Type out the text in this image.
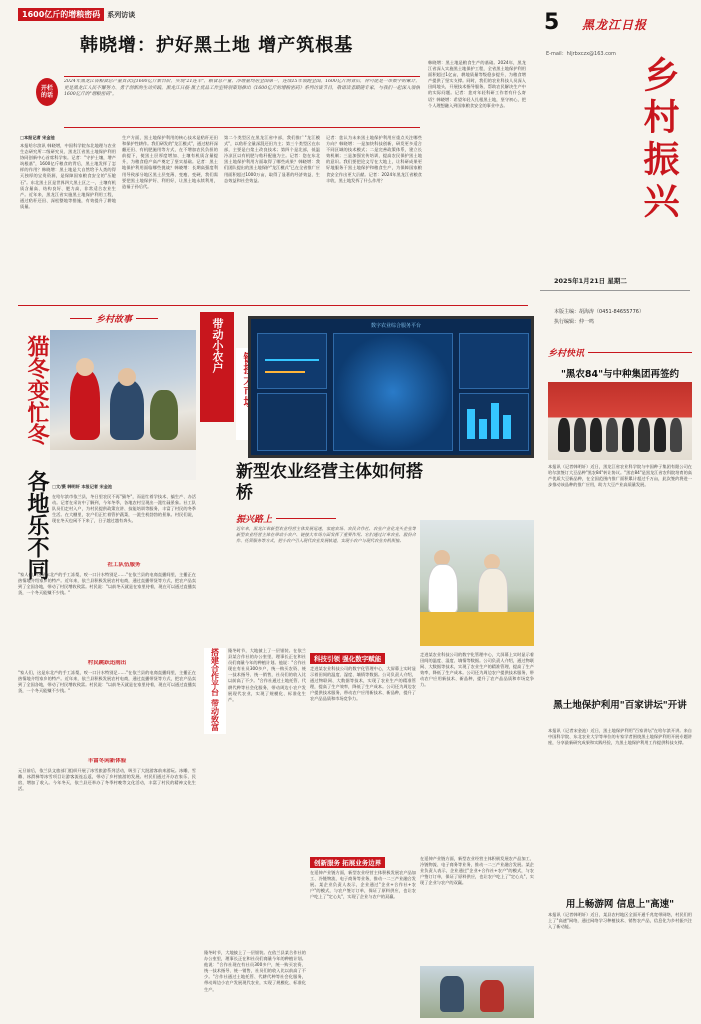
1600亿斤的增粮密码	系列访谈
韩晓增：护好黑土地 增产筑根基
开栏的话
2024年黑龙江省粮食总产量首次过1600亿斤新台阶，实现"21连丰"，粮食总产量、净增量均居全国第一，连续15年领跑全国。1600亿斤的背后，你可能是一串数字的累计，更是黑龙江人民不懈努力、勇于创新的生动实践。黑龙江日报·黑土优品工作室特别策划推出《1600亿斤的增粮密码》系列访谈节目，敬请读者跟随专家，与我们一起深入领悟1600亿斤的"增粮密码"。
□本报记者 宋金池
本报哈尔滨讯 韩晓增，中国科学院东北地理与农业生态研究所二级研究员、黑龙江省黑土地保护利用协同创新中心首席科学家。记者："守护土壤，增产筑根基"，1600亿斤粮食的背后，黑土地发挥了怎样的作用？韩晓增：黑土地是大自然给予人类的得天独厚的宝贵资源，是保障国家粮食安全的"压舱石"。东北黑土区是世界四大黑土区之一，土壤有机质含量高、结构良好、肥力高，非常适合农业生产。近年来，黑龙江省实施黑土地保护利用工程，通过秸秆还田、深松整地等措施，有效提升了耕地质量。
生产方面，黑土地保护利用的核心技术是秸秆还田和保护性耕作。我们研发的"龙江模式"，通过秸秆深翻还田、有机肥施用等方式，在不增加农民负担的前提下，使黑土层厚度增加、土壤有机质含量提升，为粮食稳产高产奠定了坚实基础。记者：黑土地保护利用面临哪些挑战？韩晓增：长期高强度利用导致部分地区黑土层变薄、变瘦、变硬，我们需要把黑土地保护好、利用好，让黑土地永续利用，造福子孙后代。
第二个类型区在黑龙江省中部，我们推广"龙江模式"，以秸秆全量深混还田为主；第三个类型区在东部，主要是白浆土改良技术；第四个是北部，低温冷凉区以有机肥与秸秆配施为主。记者：您在东北黑土地保护利用方面取得了哪些成果？韩晓增：我们团队提出的黑土地保护"龙江模式"已在全省推广应用面积超过1000万亩，取得了显著的经济效益、生态效益和社会效益。
记者：您认为未来黑土地保护利用应重点关注哪些方向？韩晓增：一是加快科技创新，研发更多适合不同区域的技术模式；二是完善政策体系，建立长效机制；三是加强宣传培训，提高农民保护黑土地的意识。我们要把论文写在大地上，让科研成果更好地服务于黑土地保护和粮食生产，为保障国家粮食安全作出更大贡献。记者：2024年黑龙江省粮食丰收，黑土地发挥了什么作用？
韩晓增：黑土地是粮食生产的基础。2024年，黑龙江省深入实施黑土地保护工程，全省黑土地保护利用面积超过1亿亩，耕地质量等级稳步提升，为粮食增产提供了坚实支撑。同时，我们的农业科技人员深入田间地头，开展技术指导服务，帮助农民解决生产中的实际问题。记者：您对年轻科研工作者有什么寄语？韩晓增：希望年轻人扎根黑土地，坚守初心，把个人理想融入到国家粮食安全的事业中去。
5 黑龙江日报
E-mail：hljrbxczx@163.com
乡村振兴
2025年1月21日 星期二
本版主编：胡海涛（0451-84655776）
执行编辑：仲一鸣
乡村故事
猫冬变忙冬
各地乐不同 □文/摄 韩明轩 本报记者 宋金池
在哈尔滨市依兰县，冬日里农民不再"猫冬"，而是忙着学技术、搞生产、办活动。记者在采访中了解到，今年冬季，各地农村呈现出一派忙碌景象。社工队队员们走村入户，为村民提供政策宣讲、技能培训等服务，丰富了村民的冬季生活。在大棚里，农户们正忙着管护蔬菜，一派生机勃勃的景象。村民们说，现在冬天也闲不下来了，日子越过越有奔头。
社工队伍服务
"家人们，这是东北产的手工冻梨，咬一口汁水特别足……"在依兰县的电商直播间里，主播正在热情地介绍家乡的特产。近年来，依兰县积极发展农村电商，通过直播带货等方式，把农产品卖到了全国各地，带动了村民增收致富。村民说："以前冬天就是在家里待着，现在可以通过直播卖货，一个冬天能赚不少钱。"
村民跳跃迅雨出
"家人们，这是东北产的手工冻梨，咬一口汁水特别足……"在依兰县的电商直播间里，主播正在热情地介绍家乡的特产。近年来，依兰县积极发展农村电商，通过直播带货等方式，把农产品卖到了全国各地，带动了村民增收致富。村民说："以前冬天就是在家里待着，现在可以通过直播卖货，一个冬天能赚不少钱。"
丰富冬闲新体验
元旦前后，依兰县文旅部门组织开展了冰雪旅游系列活动，吸引了大批游客前来游玩。冰雕、雪雕、冰滑梯等冰雪项目让游客流连忘返，带动了乡村旅游的发展。村民们通过开办农家乐、民宿，增加了收入。今年冬天，依兰县还举办了冬季村晚等文化活动，丰富了村民的精神文化生活。
带动小农户	数字农业综合服务平台
新型农业经营主体如何搭桥
振兴路上
近年来，黑龙江省新型农业经营主体发展迅速，家庭农场、农民合作社、农业产业化龙头企业等新型农业经营主体在带动小农户、链接大市场方面发挥了重要作用。它们通过订单农业、股份合作、托管服务等方式，把小农户引入现代农业发展轨道，实现小农户与现代农业有机衔接。
搭建合作平台 带动致富 隆冬时节，大地披上了一层银装。在依兰县某合作社的办公室里，理事长正在和社员们商量今年的种植计划。他说："合作社现在有社员300多户，统一购买农资、统一技术指导、统一销售，社员们的收入比以前高了不少。"合作社通过土地托管、代耕代种等社会化服务，带动周边小农户发展现代农业，实现了规模化、标准化生产。
科技引领 强化数字赋能
走进某农业科技公司的数字化管理中心，大屏幕上实时显示着田间的温度、湿度、墒情等数据。公司负责人介绍，通过物联网、大数据等技术，实现了农业生产的精准管理，提高了生产效率，降低了生产成本。公司还为周边农户提供技术服务，带动农户应用新技术、新品种，提升了农产品品质和市场竞争力。
走进某农业科技公司的数字化管理中心，大屏幕上实时显示着田间的温度、湿度、墒情等数据。公司负责人介绍，通过物联网、大数据等技术，实现了农业生产的精准管理，提高了生产效率，降低了生产成本。公司还为周边农户提供技术服务，带动农户应用新技术、新品种，提升了农产品品质和市场竞争力。
创新服务 拓展业务边界
在延伸产业链方面，新型农业经营主体积极发展农产品加工、冷链物流、电子商务等业务，推动一二三产业融合发展。某企业负责人表示，企业通过"企业+合作社+农户"的模式，与农户签订订单，保证了原料供应，也让农户吃上了"定心丸"，实现了企业与农户的双赢。
在延伸产业链方面，新型农业经营主体积极发展农产品加工、冷链物流、电子商务等业务，推动一二三产业融合发展。某企业负责人表示，企业通过"企业+合作社+农户"的模式，与农户签订订单，保证了原料供应，也让农户吃上了"定心丸"，实现了企业与农户的双赢。
隆冬时节，大地披上了一层银装。在依兰县某合作社的办公室里，理事长正在和社员们商量今年的种植计划。他说："合作社现在有社员300多户，统一购买农资、统一技术指导、统一销售，社员们的收入比以前高了不少。"合作社通过土地托管、代耕代种等社会化服务，带动周边小农户发展现代农业，实现了规模化、标准化生产。
乡村快讯
"黑农84"与中种集团再签约
本报讯（记者韩明轩）近日，黑龙江省农业科学院与中国种子集团有限公司在哈尔滨签订大豆品种"黑农84"转让协议。"黑农84"是黑龙江省农科院培育的高产优质大豆新品种，在全国范围内推广面积累计超过千万亩，此次签约将进一步推动该品种的推广应用，助力大豆产业高质量发展。
黑土地保护利用"百家讲坛"开讲
本报讯（记者宋金池）近日，黑土地保护利用"百家讲坛"在哈尔滨开讲。来自中国科学院、东北农业大学等单位的专家学者围绕黑土地保护利用开展专题讲座，分享最新研究成果和实践经验，为黑土地保护利用工作提供科技支撑。
用上畅游网 信息上"高速"
本报讯（记者韩明轩）近日，某县农村地区全面开通千兆宽带网络，村民们用上了"高速"网络，通过网络学习种植技术、销售农产品，信息化为乡村振兴注入了新动能。
